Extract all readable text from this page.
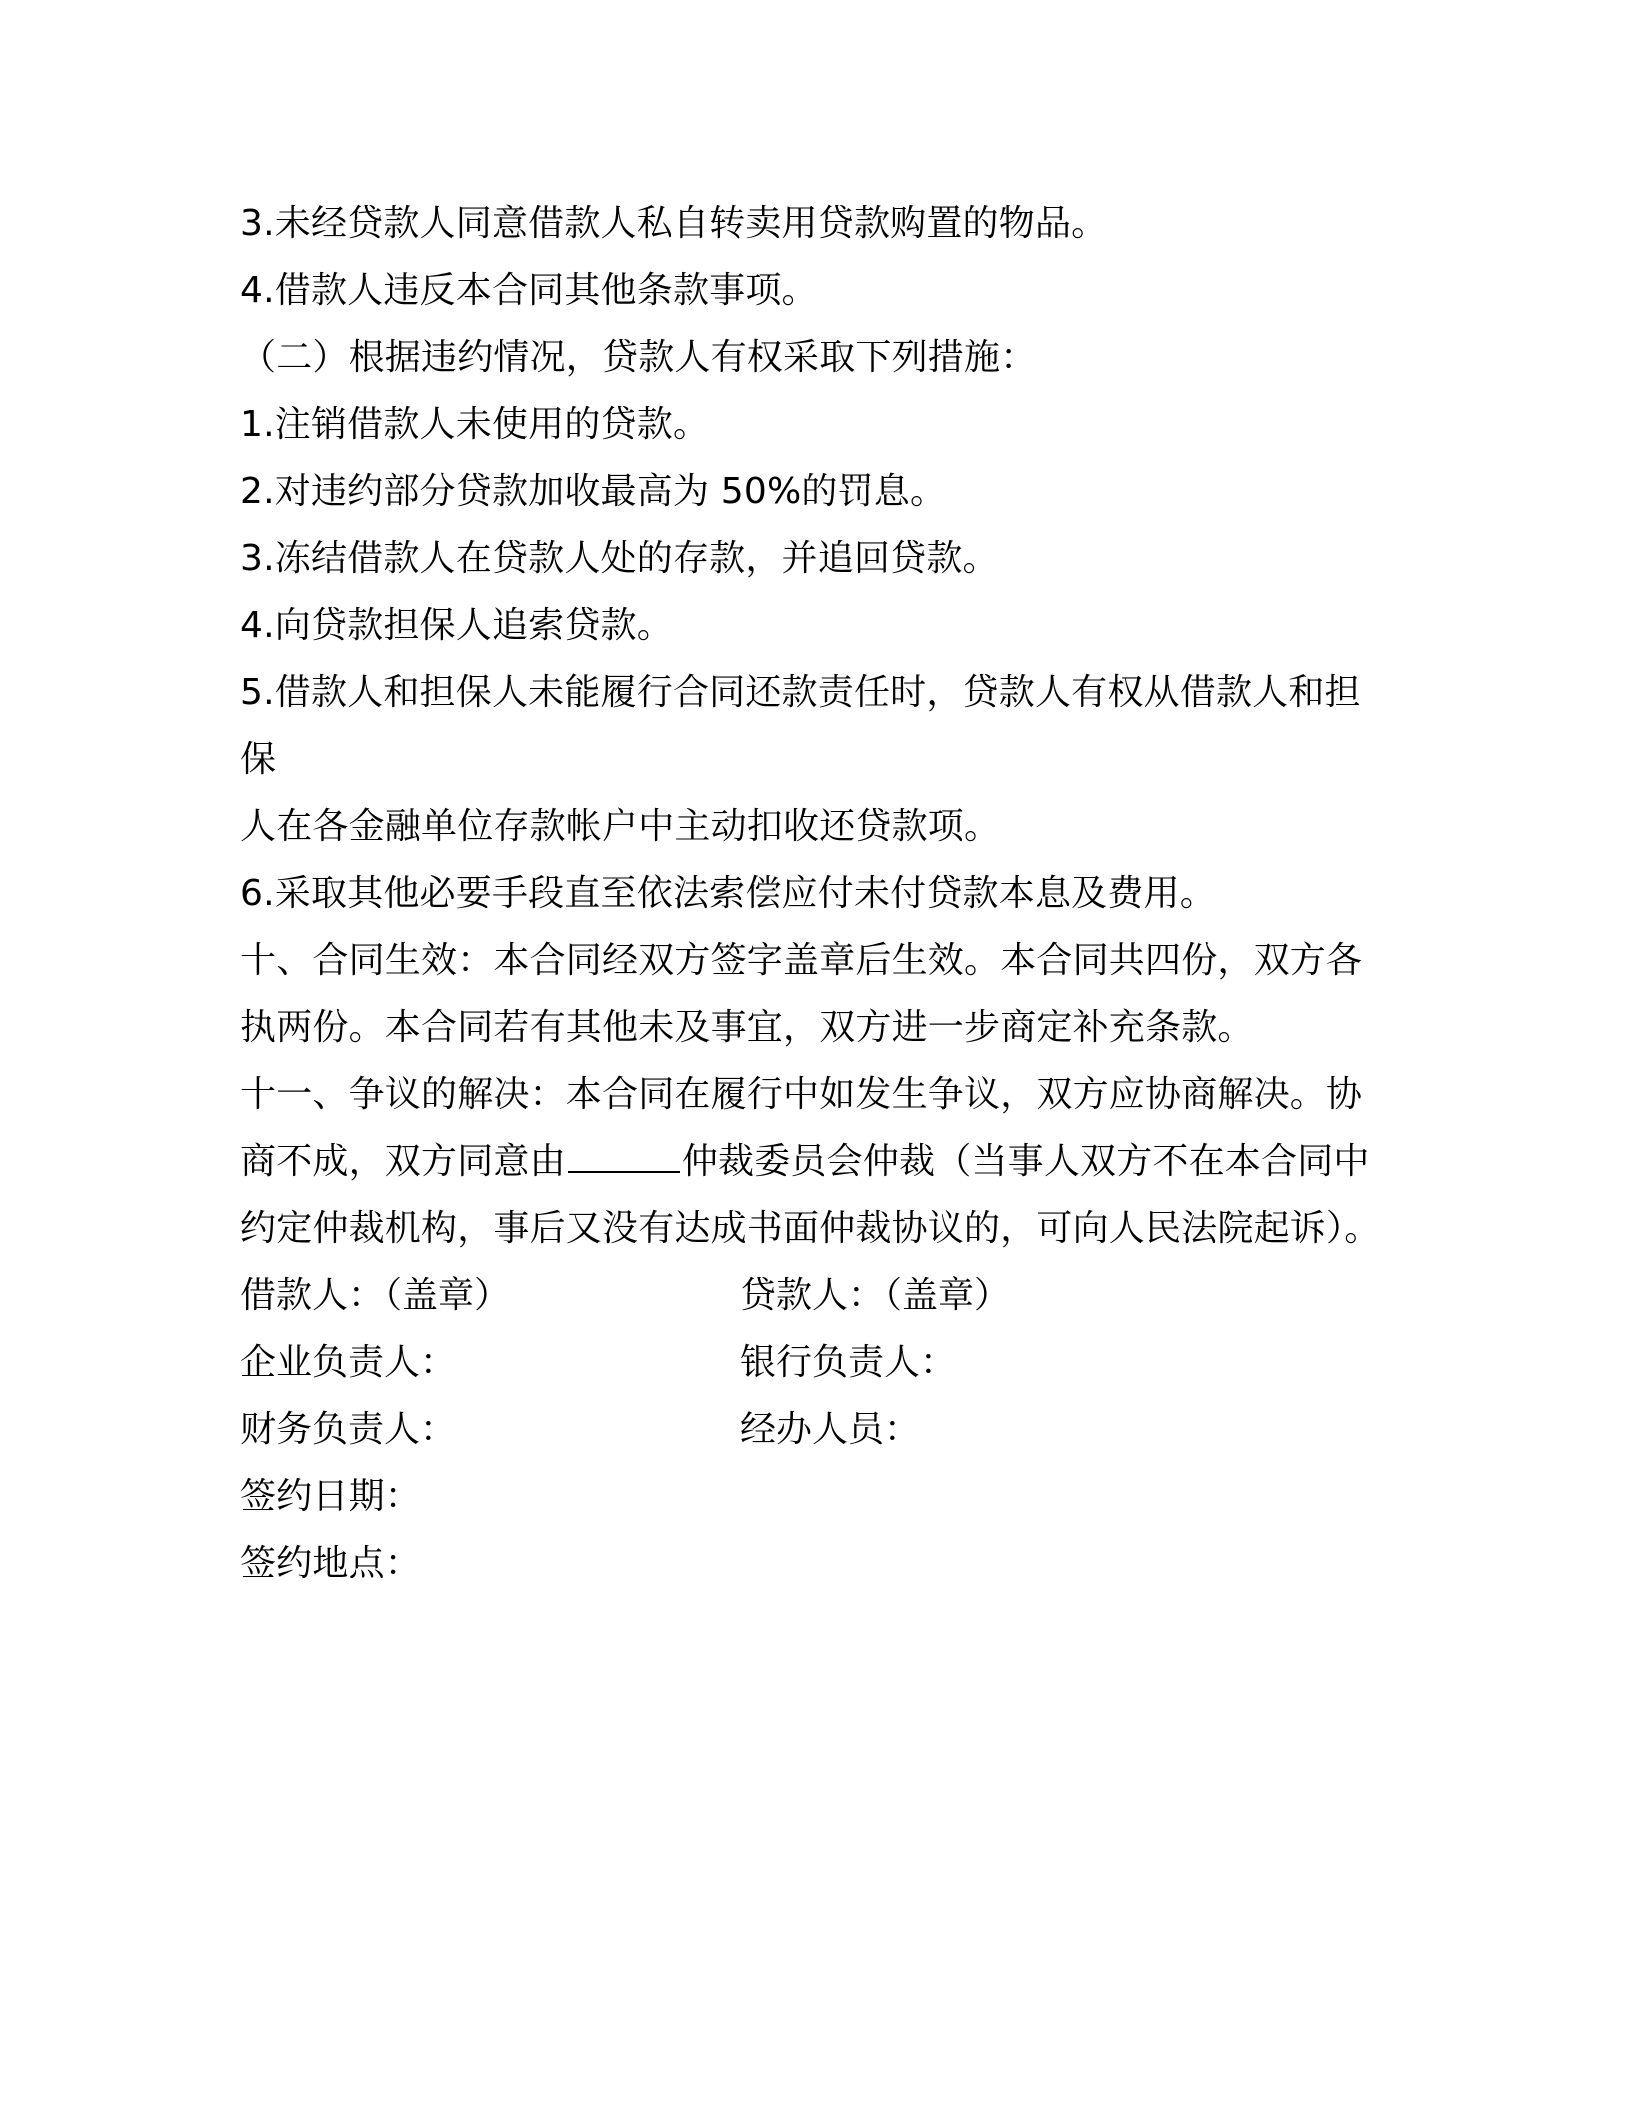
3.未经贷款人同意借款人私自转卖用贷款购置的物品。
4.借款人违反本合同其他条款事项。
（二）根据违约情况，贷款人有权采取下列措施：
1.注销借款人未使用的贷款。
2.对违约部分贷款加收最高为 50%的罚息。
3.冻结借款人在贷款人处的存款，并追回贷款。
4.向贷款担保人追索贷款。
5.借款人和担保人未能履行合同还款责任时，贷款人有权从借款人和担
保
人在各金融单位存款帐户中主动扣收还贷款项。
6.采取其他必要手段直至依法索偿应付未付贷款本息及费用。
十、合同生效：本合同经双方签字盖章后生效。本合同共四份，双方各
执两份。本合同若有其他未及事宜，双方进一步商定补充条款。
十一、争议的解决：本合同在履行中如发生争议，双方应协商解决。协
商不成，双方同意由	仲裁委员会仲裁（当事人双方不在本合同中
约定仲裁机构，事后又没有达成书面仲裁协议的，可向人民法院起诉）。
借款人：（盖章）	贷款人：（盖章）
企业负责人：	银行负责人：
财务负责人：	经办人员：
签约日期：
签约地点：
